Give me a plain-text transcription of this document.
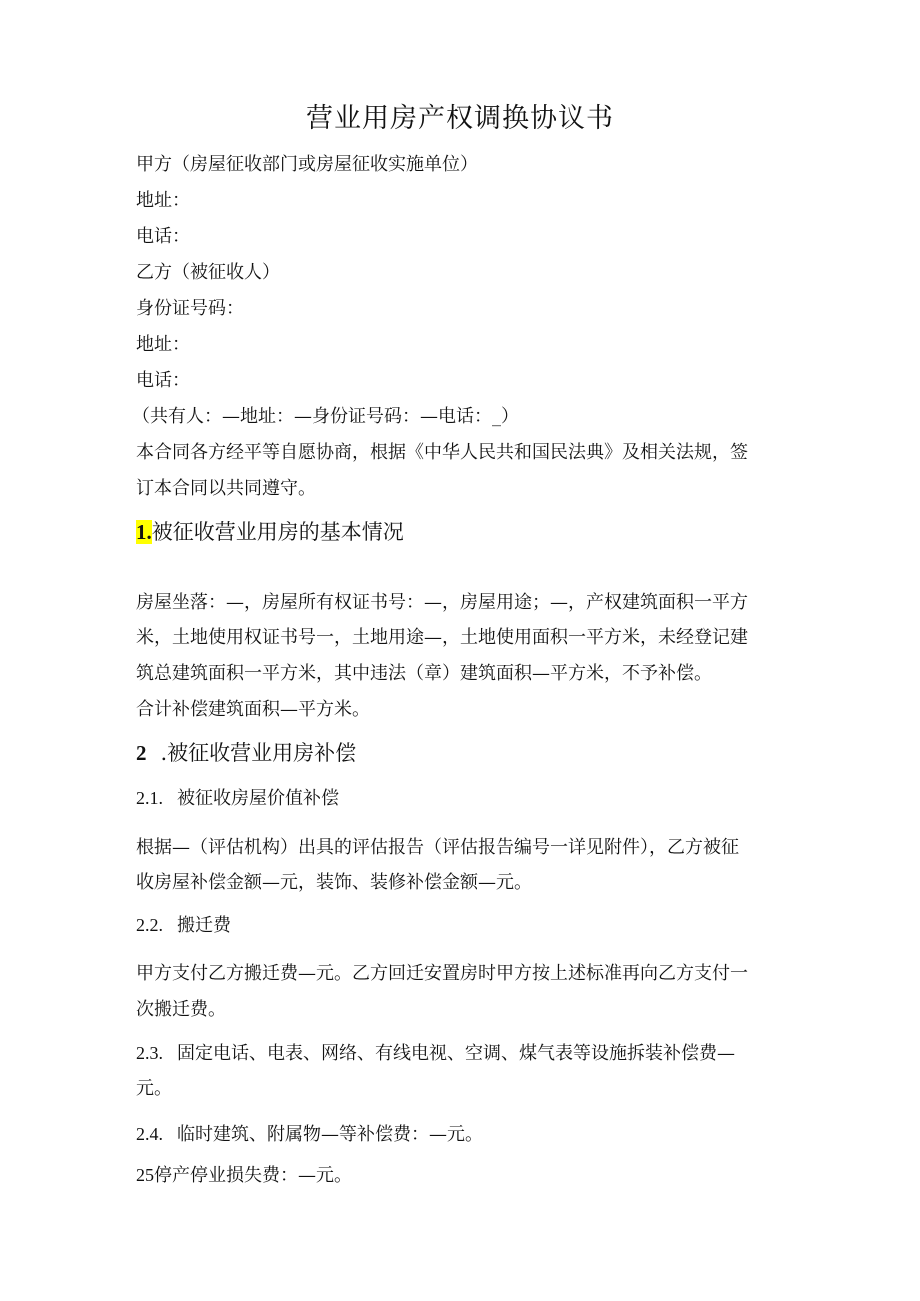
营业用房产权调换协议书
甲方（房屋征收部门或房屋征收实施单位）
地址：
电话：
乙方（被征收人）
身份证号码：
地址：
电话：
（共有人：—地址：—身份证号码：—电话：_）
本合同各方经平等自愿协商，根据《中华人民共和国民法典》及相关法规，签
订本合同以共同遵守。
1.被征收营业用房的基本情况
房屋坐落：—，房屋所有权证书号：—，房屋用途；—，产权建筑面积一平方
米，土地使用权证书号一，土地用途—，土地使用面积一平方米，未经登记建
筑总建筑面积一平方米，其中违法（章）建筑面积—平方米，不予补偿。
合计补偿建筑面积—平方米。
2 .被征收营业用房补偿
2.1. 被征收房屋价值补偿
根据—（评估机构）出具的评估报告（评估报告编号一详见附件），乙方被征
收房屋补偿金额—元，装饰、装修补偿金额—元。
2.2. 搬迁费
甲方支付乙方搬迁费—元。乙方回迁安置房时甲方按上述标准再向乙方支付一
次搬迁费。
2.3. 固定电话、电表、网络、有线电视、空调、煤气表等设施拆装补偿费—
元。
2.4. 临时建筑、附属物—等补偿费：—元。
25停产停业损失费：—元。
